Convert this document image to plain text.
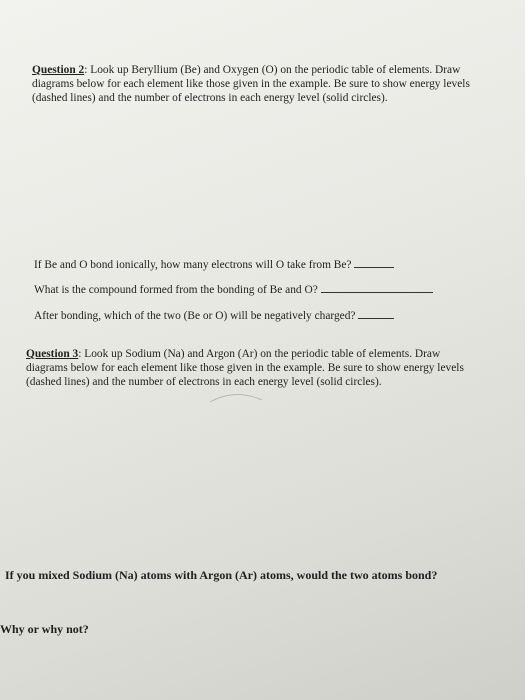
Question 2: Look up Beryllium (Be) and Oxygen (O) on the periodic table of elements. Draw
diagrams below for each element like those given in the example. Be sure to show energy levels
(dashed lines) and the number of electrons in each energy level (solid circles).
If Be and O bond ionically, how many electrons will O take from Be?
What is the compound formed from the bonding of Be and O?
After bonding, which of the two (Be or O) will be negatively charged?
Question 3: Look up Sodium (Na) and Argon (Ar) on the periodic table of elements. Draw
diagrams below for each element like those given in the example. Be sure to show energy levels
(dashed lines) and the number of electrons in each energy level (solid circles).
If you mixed Sodium (Na) atoms with Argon (Ar) atoms, would the two atoms bond?
Why or why not?
